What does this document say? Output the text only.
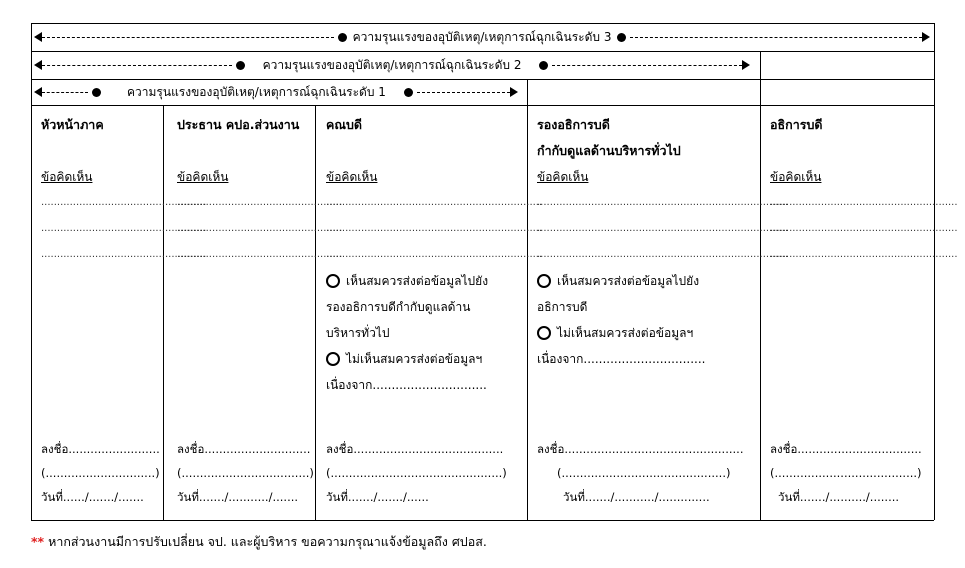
ความรุนแรงของอุบัติเหตุ/เหตุการณ์ฉุกเฉินระดับ 3
ความรุนแรงของอุบัติเหตุ/เหตุการณ์ฉุกเฉินระดับ 2
ความรุนแรงของอุบัติเหตุ/เหตุการณ์ฉุกเฉินระดับ 1
หัวหน้าภาค
ข้อคิดเห็น
....................................................
....................................................
....................................................
ประธาน คปอ.ส่วนงาน
ข้อคิดเห็น
....................................................
....................................................
....................................................
คณบดี
ข้อคิดเห็น
....................................................................
....................................................................
....................................................................
เห็นสมควรส่งต่อข้อมูลไปยัง
รองอธิการบดีกำกับดูแลด้าน
บริหารทั่วไป
ไม่เห็นสมควรส่งต่อข้อมูลฯ
เนื่องจาก..............................
รองอธิการบดี
กำกับดูแลด้านบริหารทั่วไป
ข้อคิดเห็น
...............................................................................
...............................................................................
...............................................................................
เห็นสมควรส่งต่อข้อมูลไปยัง
อธิการบดี
ไม่เห็นสมควรส่งต่อข้อมูลฯ
เนื่องจาก................................
อธิการบดี
ข้อคิดเห็น
...........................................................
...........................................................
...........................................................
ลงชื่อ.........................
(..............................)
วันที่....../......./.......
ลงชื่อ.............................
(...................................)
วันที่......./.........../.......
ลงชื่อ.........................................
(...............................................)
วันที่......./......./......
ลงชื่อ.................................................
(.............................................)
วันที่......./.........../..............
ลงชื่อ..................................
(.......................................)
วันที่......./........../........
** หากส่วนงานมีการปรับเปลี่ยน จป. และผู้บริหาร ขอความกรุณาแจ้งข้อมูลถึง ศปอส.
